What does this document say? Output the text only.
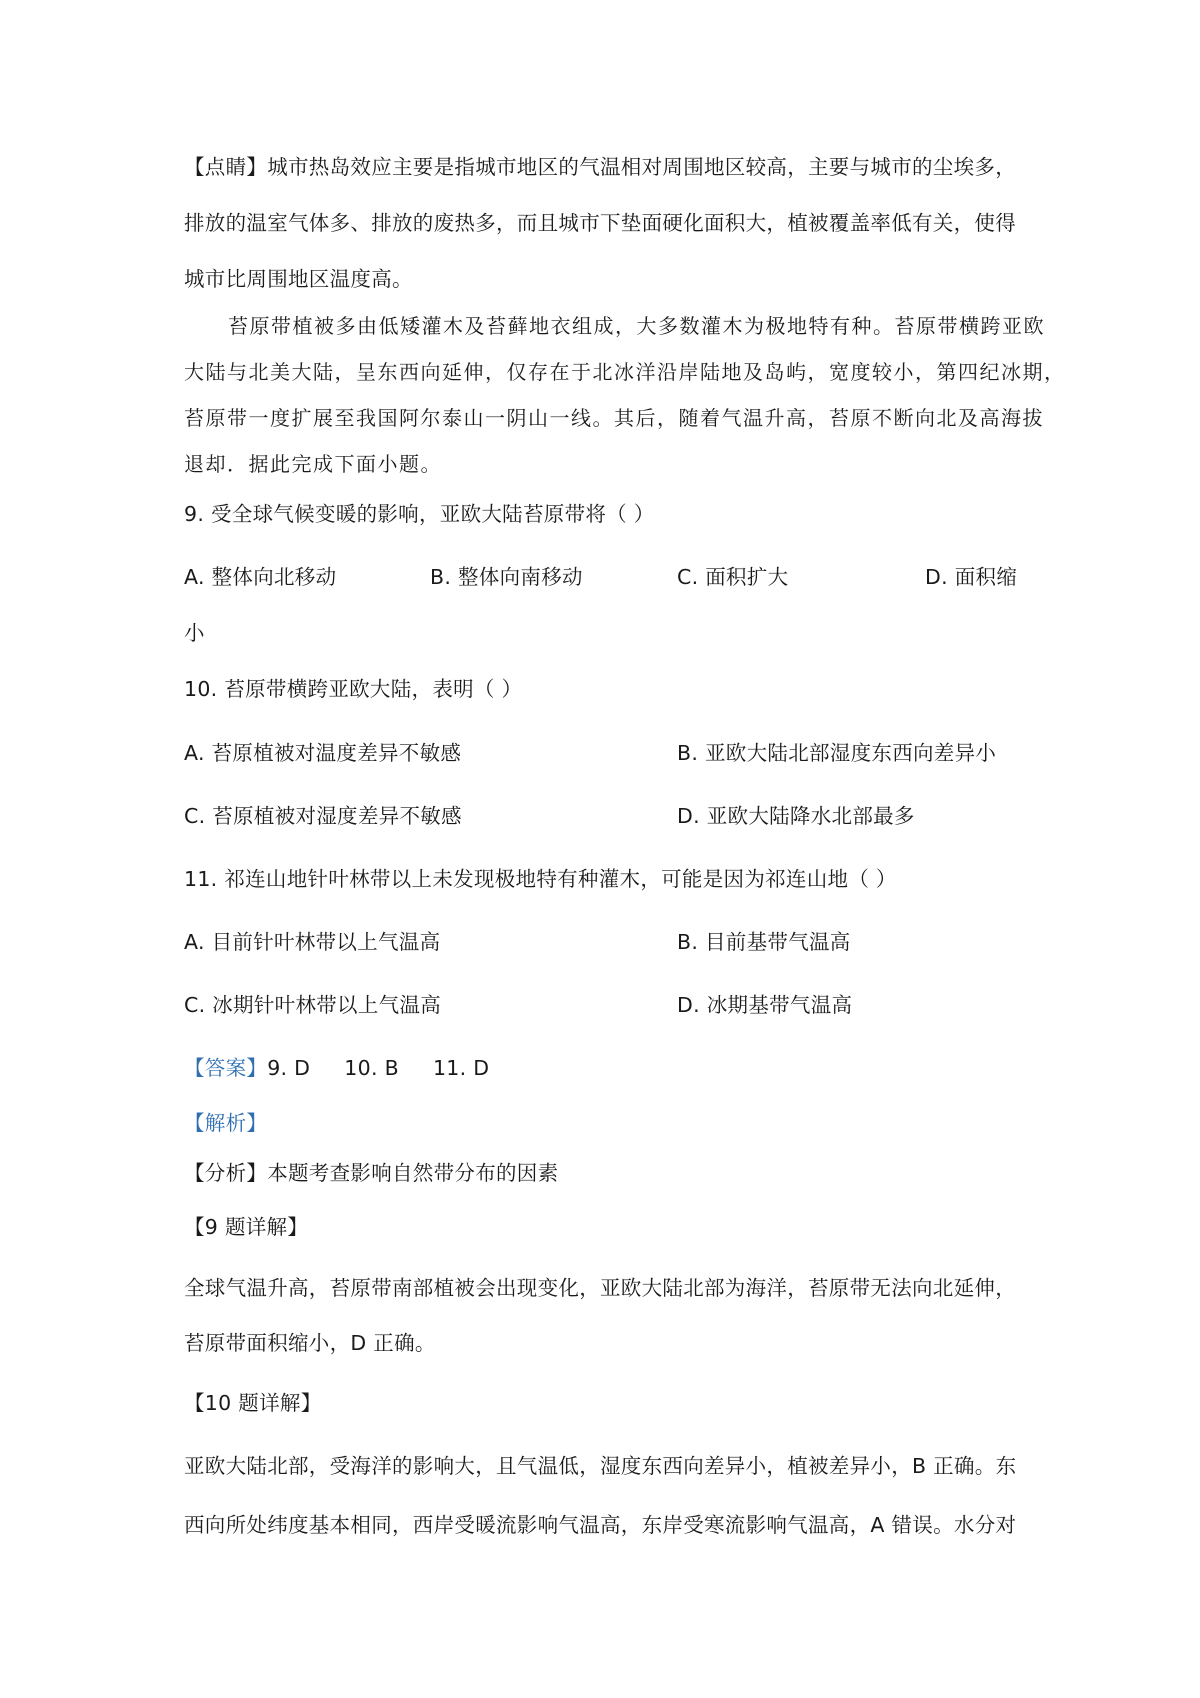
【点睛】城市热岛效应主要是指城市地区的气温相对周围地区较高，主要与城市的尘埃多，
排放的温室气体多、排放的废热多，而且城市下垫面硬化面积大，植被覆盖率低有关，使得
城市比周围地区温度高。
苔原带植被多由低矮灌木及苔藓地衣组成，大多数灌木为极地特有种。苔原带横跨亚欧
大陆与北美大陆，呈东西向延伸，仅存在于北冰洋沿岸陆地及岛屿，宽度较小，第四纪冰期，
苔原带一度扩展至我国阿尔泰山一阴山一线。其后，随着气温升高，苔原不断向北及高海拔
退却．据此完成下面小题。
9. 受全球气候变暖的影响，亚欧大陆苔原带将（ ）
A. 整体向北移动	B. 整体向南移动	C. 面积扩大	D. 面积缩
小
10. 苔原带横跨亚欧大陆，表明（ ）
A. 苔原植被对温度差异不敏感	B. 亚欧大陆北部湿度东西向差异小
C. 苔原植被对湿度差异不敏感	D. 亚欧大陆降水北部最多
11. 祁连山地针叶林带以上未发现极地特有种灌木，可能是因为祁连山地（ ）
A. 目前针叶林带以上气温高	B. 目前基带气温高
C. 冰期针叶林带以上气温高	D. 冰期基带气温高
【答案】9. D 10. B 11. D
【解析】
【分析】本题考查影响自然带分布的因素
【9 题详解】
全球气温升高，苔原带南部植被会出现变化，亚欧大陆北部为海洋，苔原带无法向北延伸，
苔原带面积缩小，D 正确。
【10 题详解】
亚欧大陆北部，受海洋的影响大，且气温低，湿度东西向差异小，植被差异小，B 正确。东
西向所处纬度基本相同，西岸受暖流影响气温高，东岸受寒流影响气温高，A 错误。水分对
